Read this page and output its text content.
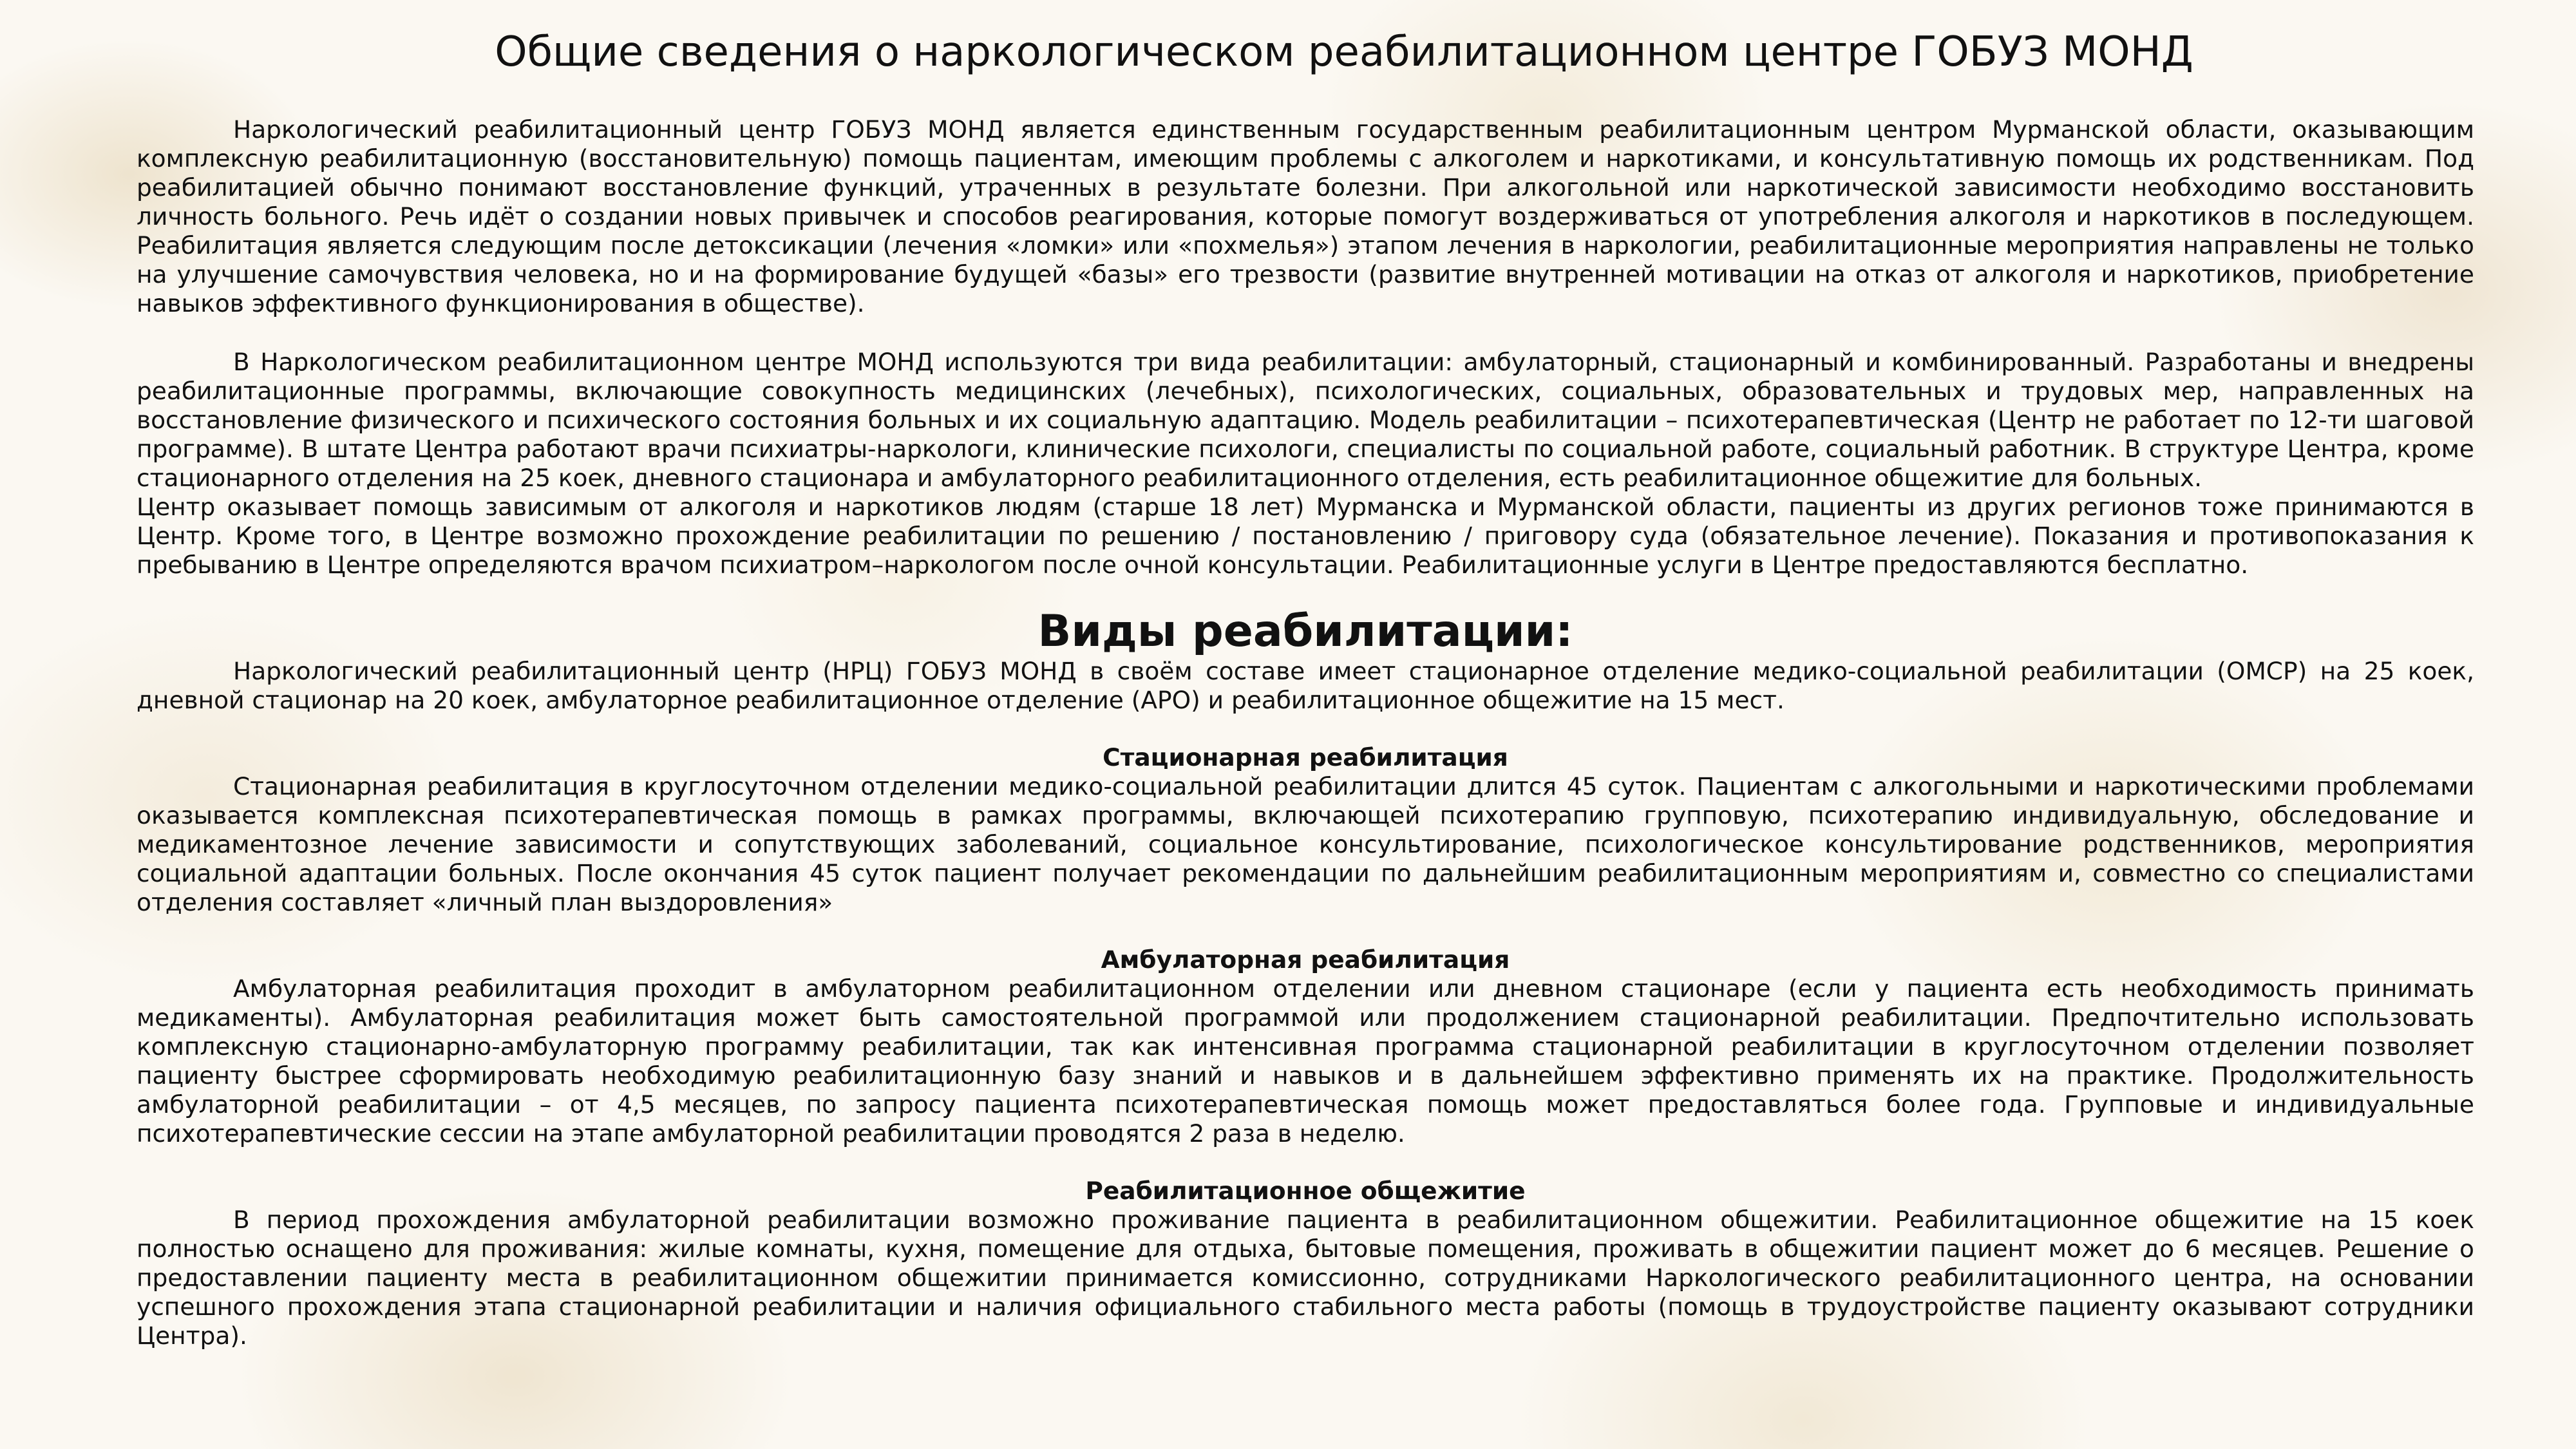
Общие сведения о наркологическом реабилитационном центре ГОБУЗ МОНД

Наркологический реабилитационный центр ГОБУЗ МОНД является единственным государственным реабилитационным центром Мурманской области, оказывающим комплексную реабилитационную (восстановительную) помощь пациентам, имеющим проблемы с алкоголем и наркотиками, и консультативную помощь их родственникам. Под реабилитацией обычно понимают восстановление функций, утраченных в результате болезни. При алкогольной или наркотической зависимости необходимо восстановить личность больного. Речь идёт о создании новых привычек и способов реагирования, которые помогут воздерживаться от употребления алкоголя и наркотиков в последующем. Реабилитация является следующим после детоксикации (лечения «ломки» или «похмелья») этапом лечения в наркологии, реабилитационные мероприятия направлены не только на улучшение самочувствия человека, но и на формирование будущей «базы» его трезвости (развитие внутренней мотивации на отказ от алкоголя и наркотиков, приобретение навыков эффективного функционирования в обществе).

В Наркологическом реабилитационном центре МОНД используются три вида реабилитации: амбулаторный, стационарный и комбинированный. Разработаны и внедрены реабилитационные программы, включающие совокупность медицинских (лечебных), психологических, социальных, образовательных и трудовых мер, направленных на восстановление физического и психического состояния больных и их социальную адаптацию. Модель реабилитации – психотерапевтическая (Центр не работает по 12-ти шаговой программе). В штате Центра работают врачи психиатры-наркологи, клинические психологи, специалисты по социальной работе, социальный работник. В структуре Центра, кроме стационарного отделения на 25 коек, дневного стационара и амбулаторного реабилитационного отделения, есть реабилитационное общежитие для больных.

Центр оказывает помощь зависимым от алкоголя и наркотиков людям (старше 18 лет) Мурманска и Мурманской области, пациенты из других регионов тоже принимаются в Центр. Кроме того, в Центре возможно прохождение реабилитации по решению / постановлению / приговору суда (обязательное лечение). Показания и противопоказания к пребыванию в Центре определяются врачом психиатром–наркологом после очной консультации. Реабилитационные услуги в Центре предоставляются бесплатно.

Виды реабилитации:

Наркологический реабилитационный центр (НРЦ) ГОБУЗ МОНД в своём составе имеет стационарное отделение медико-социальной реабилитации (ОМСР) на 25 коек, дневной стационар на 20 коек, амбулаторное реабилитационное отделение (АРО) и реабилитационное общежитие на 15 мест.

Стационарная реабилитация

Стационарная реабилитация в круглосуточном отделении медико-социальной реабилитации длится 45 суток. Пациентам с алкогольными и наркотическими проблемами оказывается комплексная психотерапевтическая помощь в рамках программы, включающей психотерапию групповую, психотерапию индивидуальную, обследование и медикаментозное лечение зависимости и сопутствующих заболеваний, социальное консультирование, психологическое консультирование родственников, мероприятия социальной адаптации больных. После окончания 45 суток пациент получает рекомендации по дальнейшим реабилитационным мероприятиям и, совместно со специалистами отделения составляет «личный план выздоровления»

Амбулаторная реабилитация

Амбулаторная реабилитация проходит в амбулаторном реабилитационном отделении или дневном стационаре (если у пациента есть необходимость принимать медикаменты). Амбулаторная реабилитация может быть самостоятельной программой или продолжением стационарной реабилитации. Предпочтительно использовать комплексную стационарно-амбулаторную программу реабилитации, так как интенсивная программа стационарной реабилитации в круглосуточном отделении позволяет пациенту быстрее сформировать необходимую реабилитационную базу знаний и навыков и в дальнейшем эффективно применять их на практике. Продолжительность амбулаторной реабилитации – от 4,5 месяцев, по запросу пациента психотерапевтическая помощь может предоставляться более года. Групповые и индивидуальные психотерапевтические сессии на этапе амбулаторной реабилитации проводятся 2 раза в неделю.

Реабилитационное общежитие

В период прохождения амбулаторной реабилитации возможно проживание пациента в реабилитационном общежитии. Реабилитационное общежитие на 15 коек полностью оснащено для проживания: жилые комнаты, кухня, помещение для отдыха, бытовые помещения, проживать в общежитии пациент может до 6 месяцев. Решение о предоставлении пациенту места в реабилитационном общежитии принимается комиссионно, сотрудниками Наркологического реабилитационного центра, на основании успешного прохождения этапа стационарной реабилитации и наличия официального стабильного места работы (помощь в трудоустройстве пациенту оказывают сотрудники Центра).
